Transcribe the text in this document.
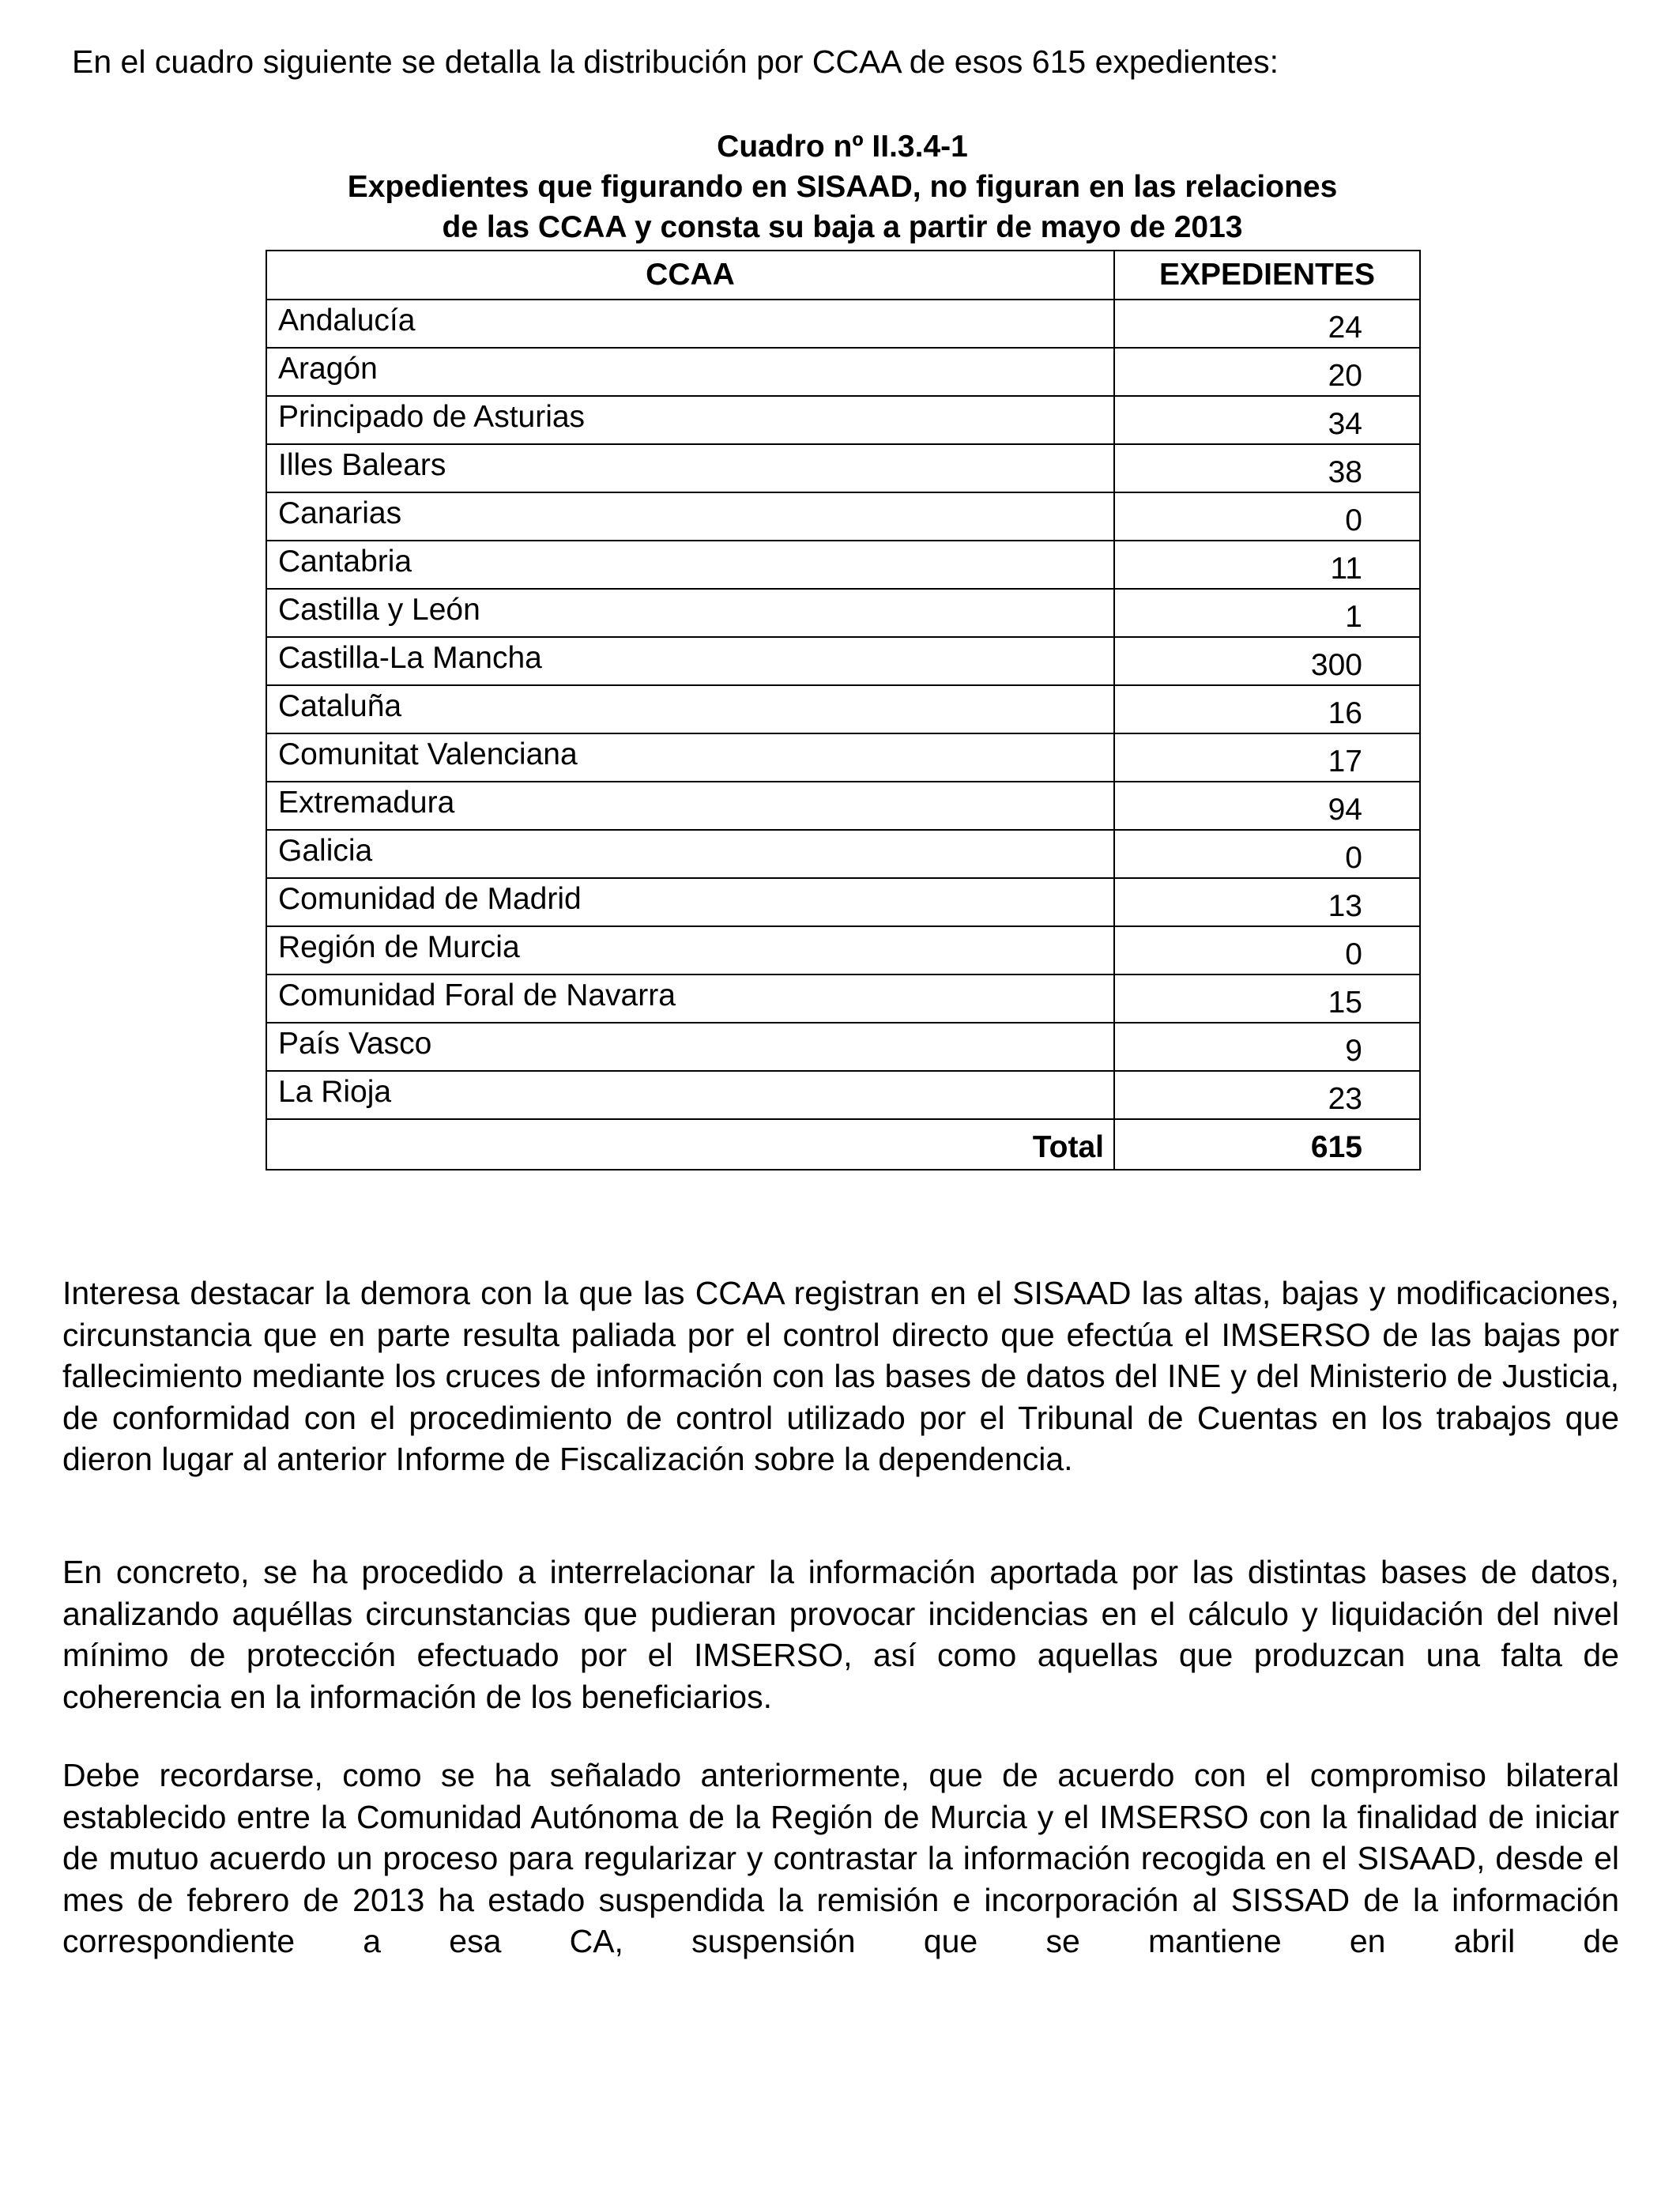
En el cuadro siguiente se detalla la distribución por CCAA de esos 615 expedientes:
Cuadro nº II.3.4-1
Expedientes que figurando en SISAAD, no figuran en las relaciones
de las CCAA y consta su baja a partir de mayo de 2013
CCAA	EXPEDIENTES
Andalucía	24
Aragón	20
Principado de Asturias	34
Illes Balears	38
Canarias	0
Cantabria	11
Castilla y León	1
Castilla-La Mancha	300
Cataluña	16
Comunitat Valenciana	17
Extremadura	94
Galicia	0
Comunidad de Madrid	13
Región de Murcia	0
Comunidad Foral de Navarra	15
País Vasco	9
La Rioja	23
Total	615

Interesa destacar la demora con la que las CCAA registran en el SISAAD las altas, bajas y modificaciones, circunstancia que en parte resulta paliada por el control directo que efectúa el IMSERSO de las bajas por fallecimiento mediante los cruces de información con las bases de datos del INE y del Ministerio de Justicia, de conformidad con el procedimiento de control utilizado por el Tribunal de Cuentas en los trabajos que dieron lugar al anterior Informe de Fiscalización sobre la dependencia.

En concreto, se ha procedido a interrelacionar la información aportada por las distintas bases de datos, analizando aquéllas circunstancias que pudieran provocar incidencias en el cálculo y liquidación del nivel mínimo de protección efectuado por el IMSERSO, así como aquellas que produzcan una falta de coherencia en la información de los beneficiarios.

Debe recordarse, como se ha señalado anteriormente, que de acuerdo con el compromiso bilateral establecido entre la Comunidad Autónoma de la Región de Murcia y el IMSERSO con la finalidad de iniciar de mutuo acuerdo un proceso para regularizar y contrastar la información recogida en el SISAAD, desde el mes de febrero de 2013 ha estado suspendida la remisión e incorporación al SISSAD de la información correspondiente a esa CA, suspensión que se mantiene en abril de
